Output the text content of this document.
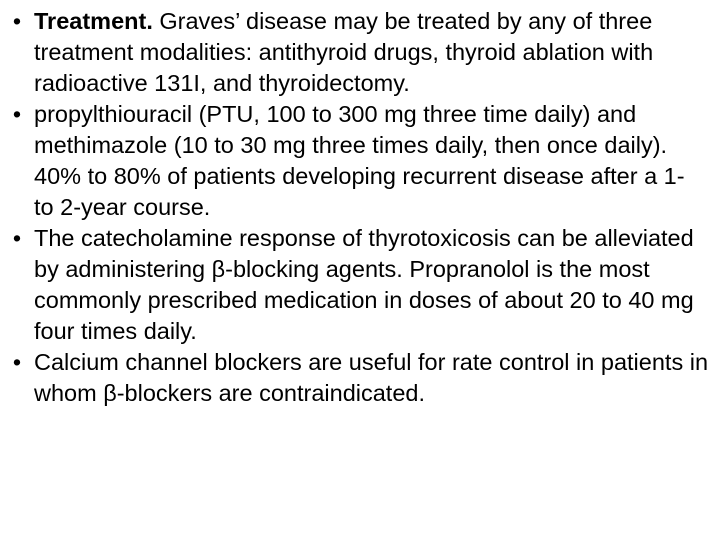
• Treatment. Graves’ disease may be treated by any of three treatment modalities: antithyroid drugs, thyroid ablation with radioactive 131I, and thyroidectomy.
• propylthiouracil (PTU, 100 to 300 mg three time daily) and methimazole (10 to 30 mg three times daily, then once daily). 40% to 80% of patients developing recurrent disease after a 1- to 2-year course.
• The catecholamine response of thyrotoxicosis can be alleviated by administering β-blocking agents. Propranolol is the most commonly prescribed medication in doses of about 20 to 40 mg four times daily.
• Calcium channel blockers are useful for rate control in patients in whom β-blockers are contraindicated.
